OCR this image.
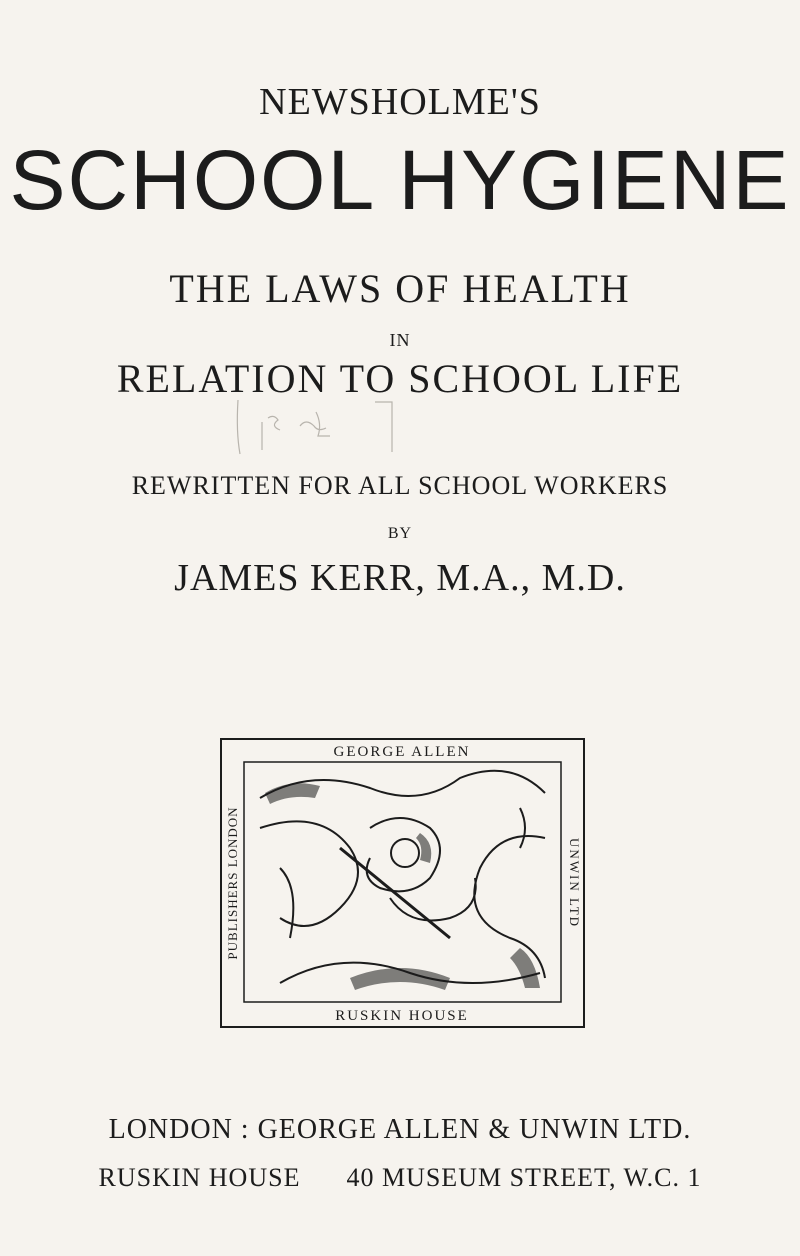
NEWSHOLME'S
SCHOOL HYGIENE
THE LAWS OF HEALTH
IN
RELATION TO SCHOOL LIFE
REWRITTEN FOR ALL SCHOOL WORKERS
BY
JAMES KERR, M.A., M.D.
GEORGE ALLEN
RUSKIN HOUSE
PUBLISHERS LONDON	UNWIN LTD
LONDON : GEORGE ALLEN & UNWIN LTD.
RUSKIN HOUSE 40 MUSEUM STREET, W.C. 1
